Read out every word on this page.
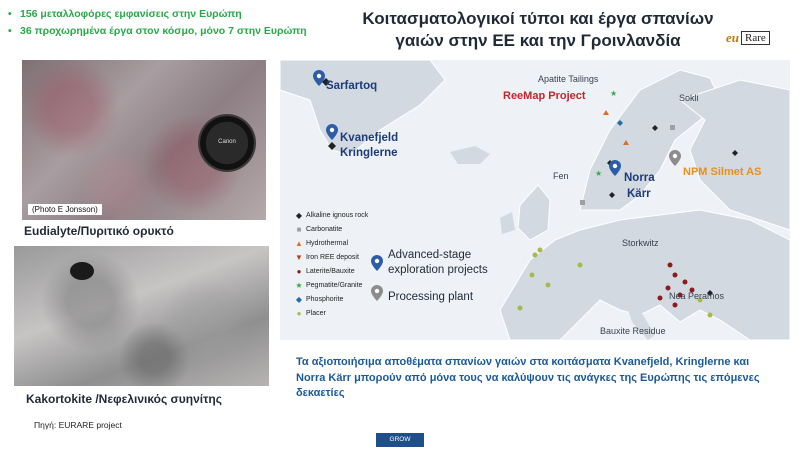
• 156 μεταλλοφόρες εμφανίσεις στην Ευρώπη
• 36 προχωρημένα έργα στον κόσμο, μόνο 7 στην Ευρώπη
Κοιτασματολογικοί τύποι και έργα σπανίων γαιών στην ΕΕ και την Γροινλανδία	eu Rare
Canon
(Photo E Jonsson)
Eudialyte/Πυριτικό ορυκτό
Kakortokite /Νεφελινικός συηνίτης
Πηγή: EURARE project
◆ Alkaline ignous rock
■ Carbonatite
▲ Hydrothermal
▼ Iron REE deposit
● Laterite/Bauxite
★ Pegmatite/Granite
◆ Phosphorite
● Placer
★
★
Sarfartoq
Kvanefjeld
Kringlerne
Apatite Tailings
ReeMap Project	Sokli
Fen	Norra
Kärr
NPM Silmet AS
Storkwitz
Nea Peramos
Bauxite Residue
Advanced-stage exploration projects
Processing plant
Τα αξιοποιήσιμα αποθέματα σπανίων γαιών στα κοιτάσματα Kvanefjeld, Kringlerne και Norra Kärr μπορούν από μόνα τους να καλύψουν τις ανάγκες της Ευρώπης τις επόμενες δεκαετίες
GROW
